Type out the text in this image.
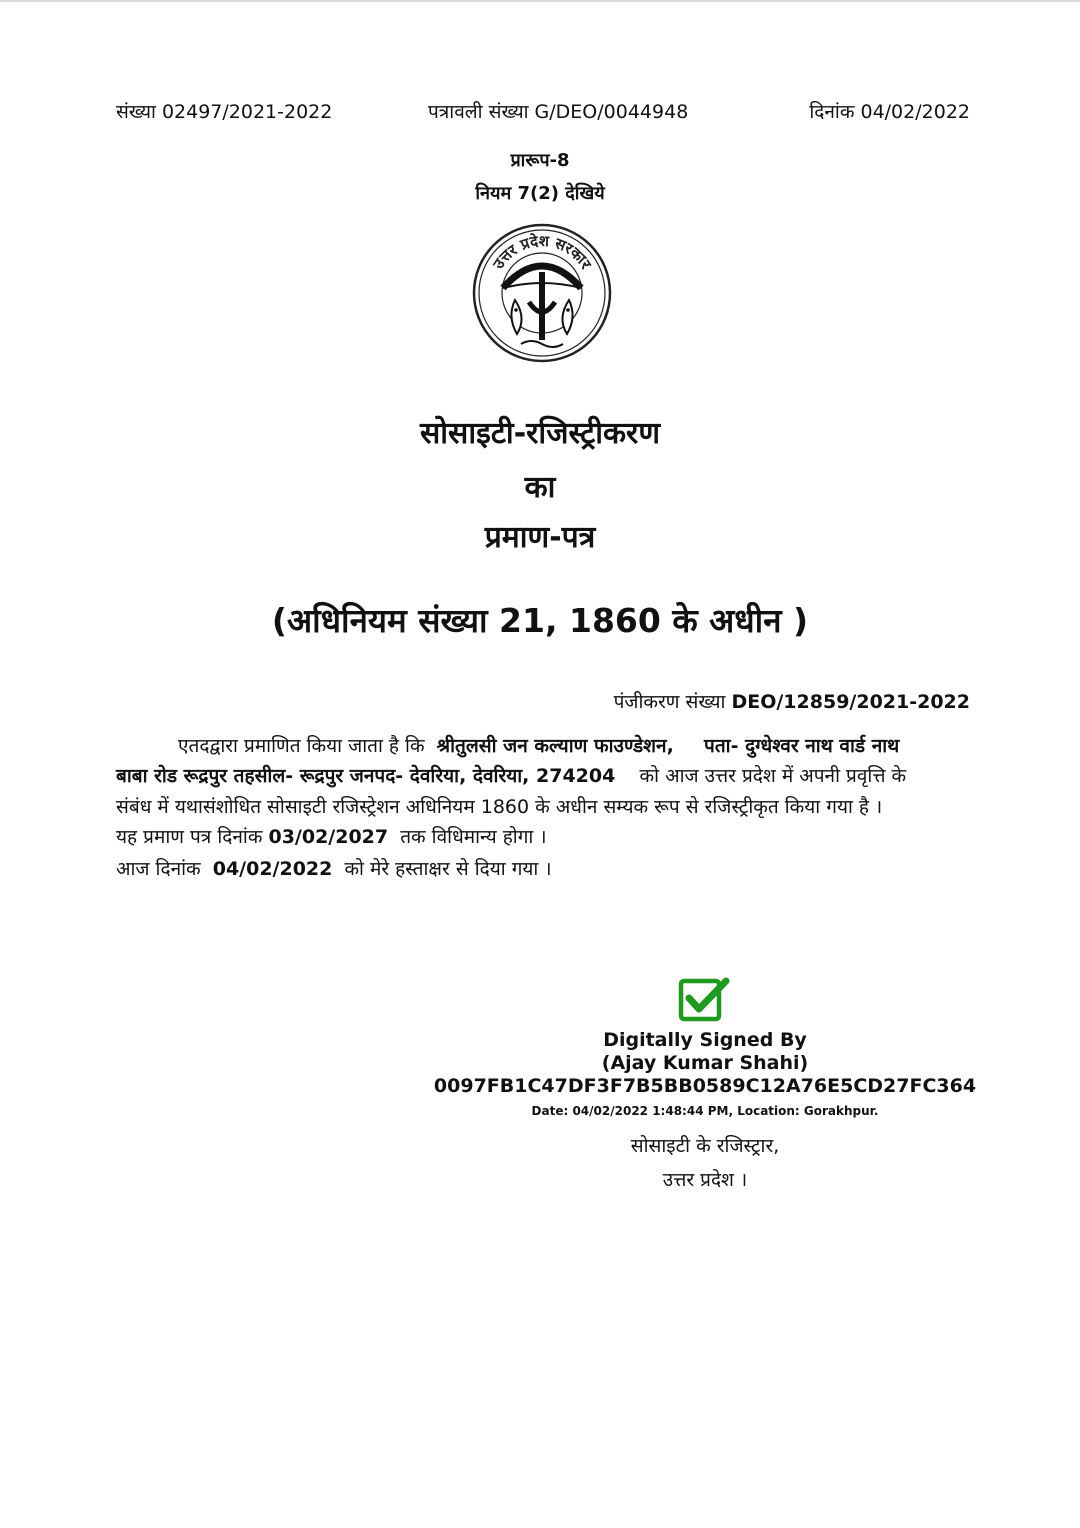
संख्या 02497/2021-2022	पत्रावली संख्या G/DEO/0044948	दिनांक 04/02/2022
प्रारूप-8
नियम 7(2) देखिये
उत्तर प्रदेश सरकार
सोसाइटी-रजिस्ट्रीकरण
का
प्रमाण-पत्र
(अधिनियम संख्या 21, 1860 के अधीन )
पंजीकरण संख्या DEO/12859/2021-2022
एतदद्वारा प्रमाणित किया जाता है कि श्रीतुलसी जन कल्याण फाउण्डेशन, पता- दुग्धेश्वर नाथ वार्ड नाथ
बाबा रोड रूद्रपुर तहसील- रूद्रपुर जनपद- देवरिया, देवरिया, 274204 को आज उत्तर प्रदेश में अपनी प्रवृत्ति के
संबंध में यथासंशोधित सोसाइटी रजिस्ट्रेशन अधिनियम 1860 के अधीन सम्यक रूप से रजिस्ट्रीकृत किया गया है ।
यह प्रमाण पत्र दिनांक 03/02/2027 तक विधिमान्य होगा ।
आज दिनांक 04/02/2022 को मेरे हस्ताक्षर से दिया गया ।
Digitally Signed By
(Ajay Kumar Shahi)
0097FB1C47DF3F7B5BB0589C12A76E5CD27FC364
Date: 04/02/2022 1:48:44 PM, Location: Gorakhpur.
सोसाइटी के रजिस्ट्रार,
उत्तर प्रदेश ।
